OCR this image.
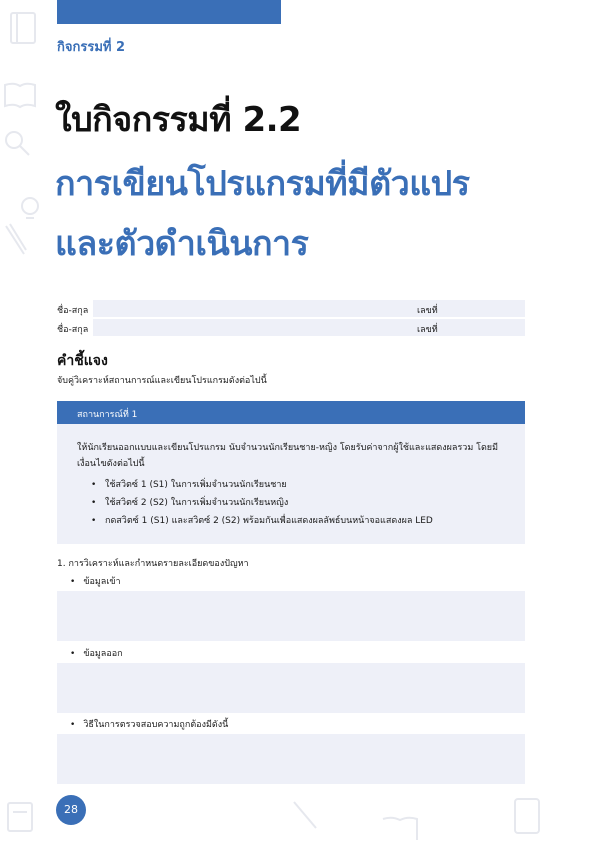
กิจกรรมที่ 2
ใบกิจกรรมที่ 2.2
การเขียนโปรแกรมที่มีตัวแปร
และตัวดำเนินการ
ชื่อ-สกุล	เลขที่
ชื่อ-สกุล	เลขที่
คำชี้แจง
จับคู่วิเคราะห์สถานการณ์และเขียนโปรแกรมดังต่อไปนี้
สถานการณ์ที่ 1
ให้นักเรียนออกแบบและเขียนโปรแกรม นับจำนวนนักเรียนชาย-หญิง โดยรับค่าจากผู้ใช้และแสดงผลรวม โดยมีเงื่อนไขดังต่อไปนี้
• ใช้สวิตซ์ 1 (S1) ในการเพิ่มจำนวนนักเรียนชาย
• ใช้สวิตซ์ 2 (S2) ในการเพิ่มจำนวนนักเรียนหญิง
• กดสวิตซ์ 1 (S1) และสวิตซ์ 2 (S2) พร้อมกันเพื่อแสดงผลลัพธ์บนหน้าจอแสดงผล LED
1. การวิเคราะห์และกำหนดรายละเอียดของปัญหา
• ข้อมูลเข้า
• ข้อมูลออก
• วิธีในการตรวจสอบความถูกต้องมีดังนี้
28
